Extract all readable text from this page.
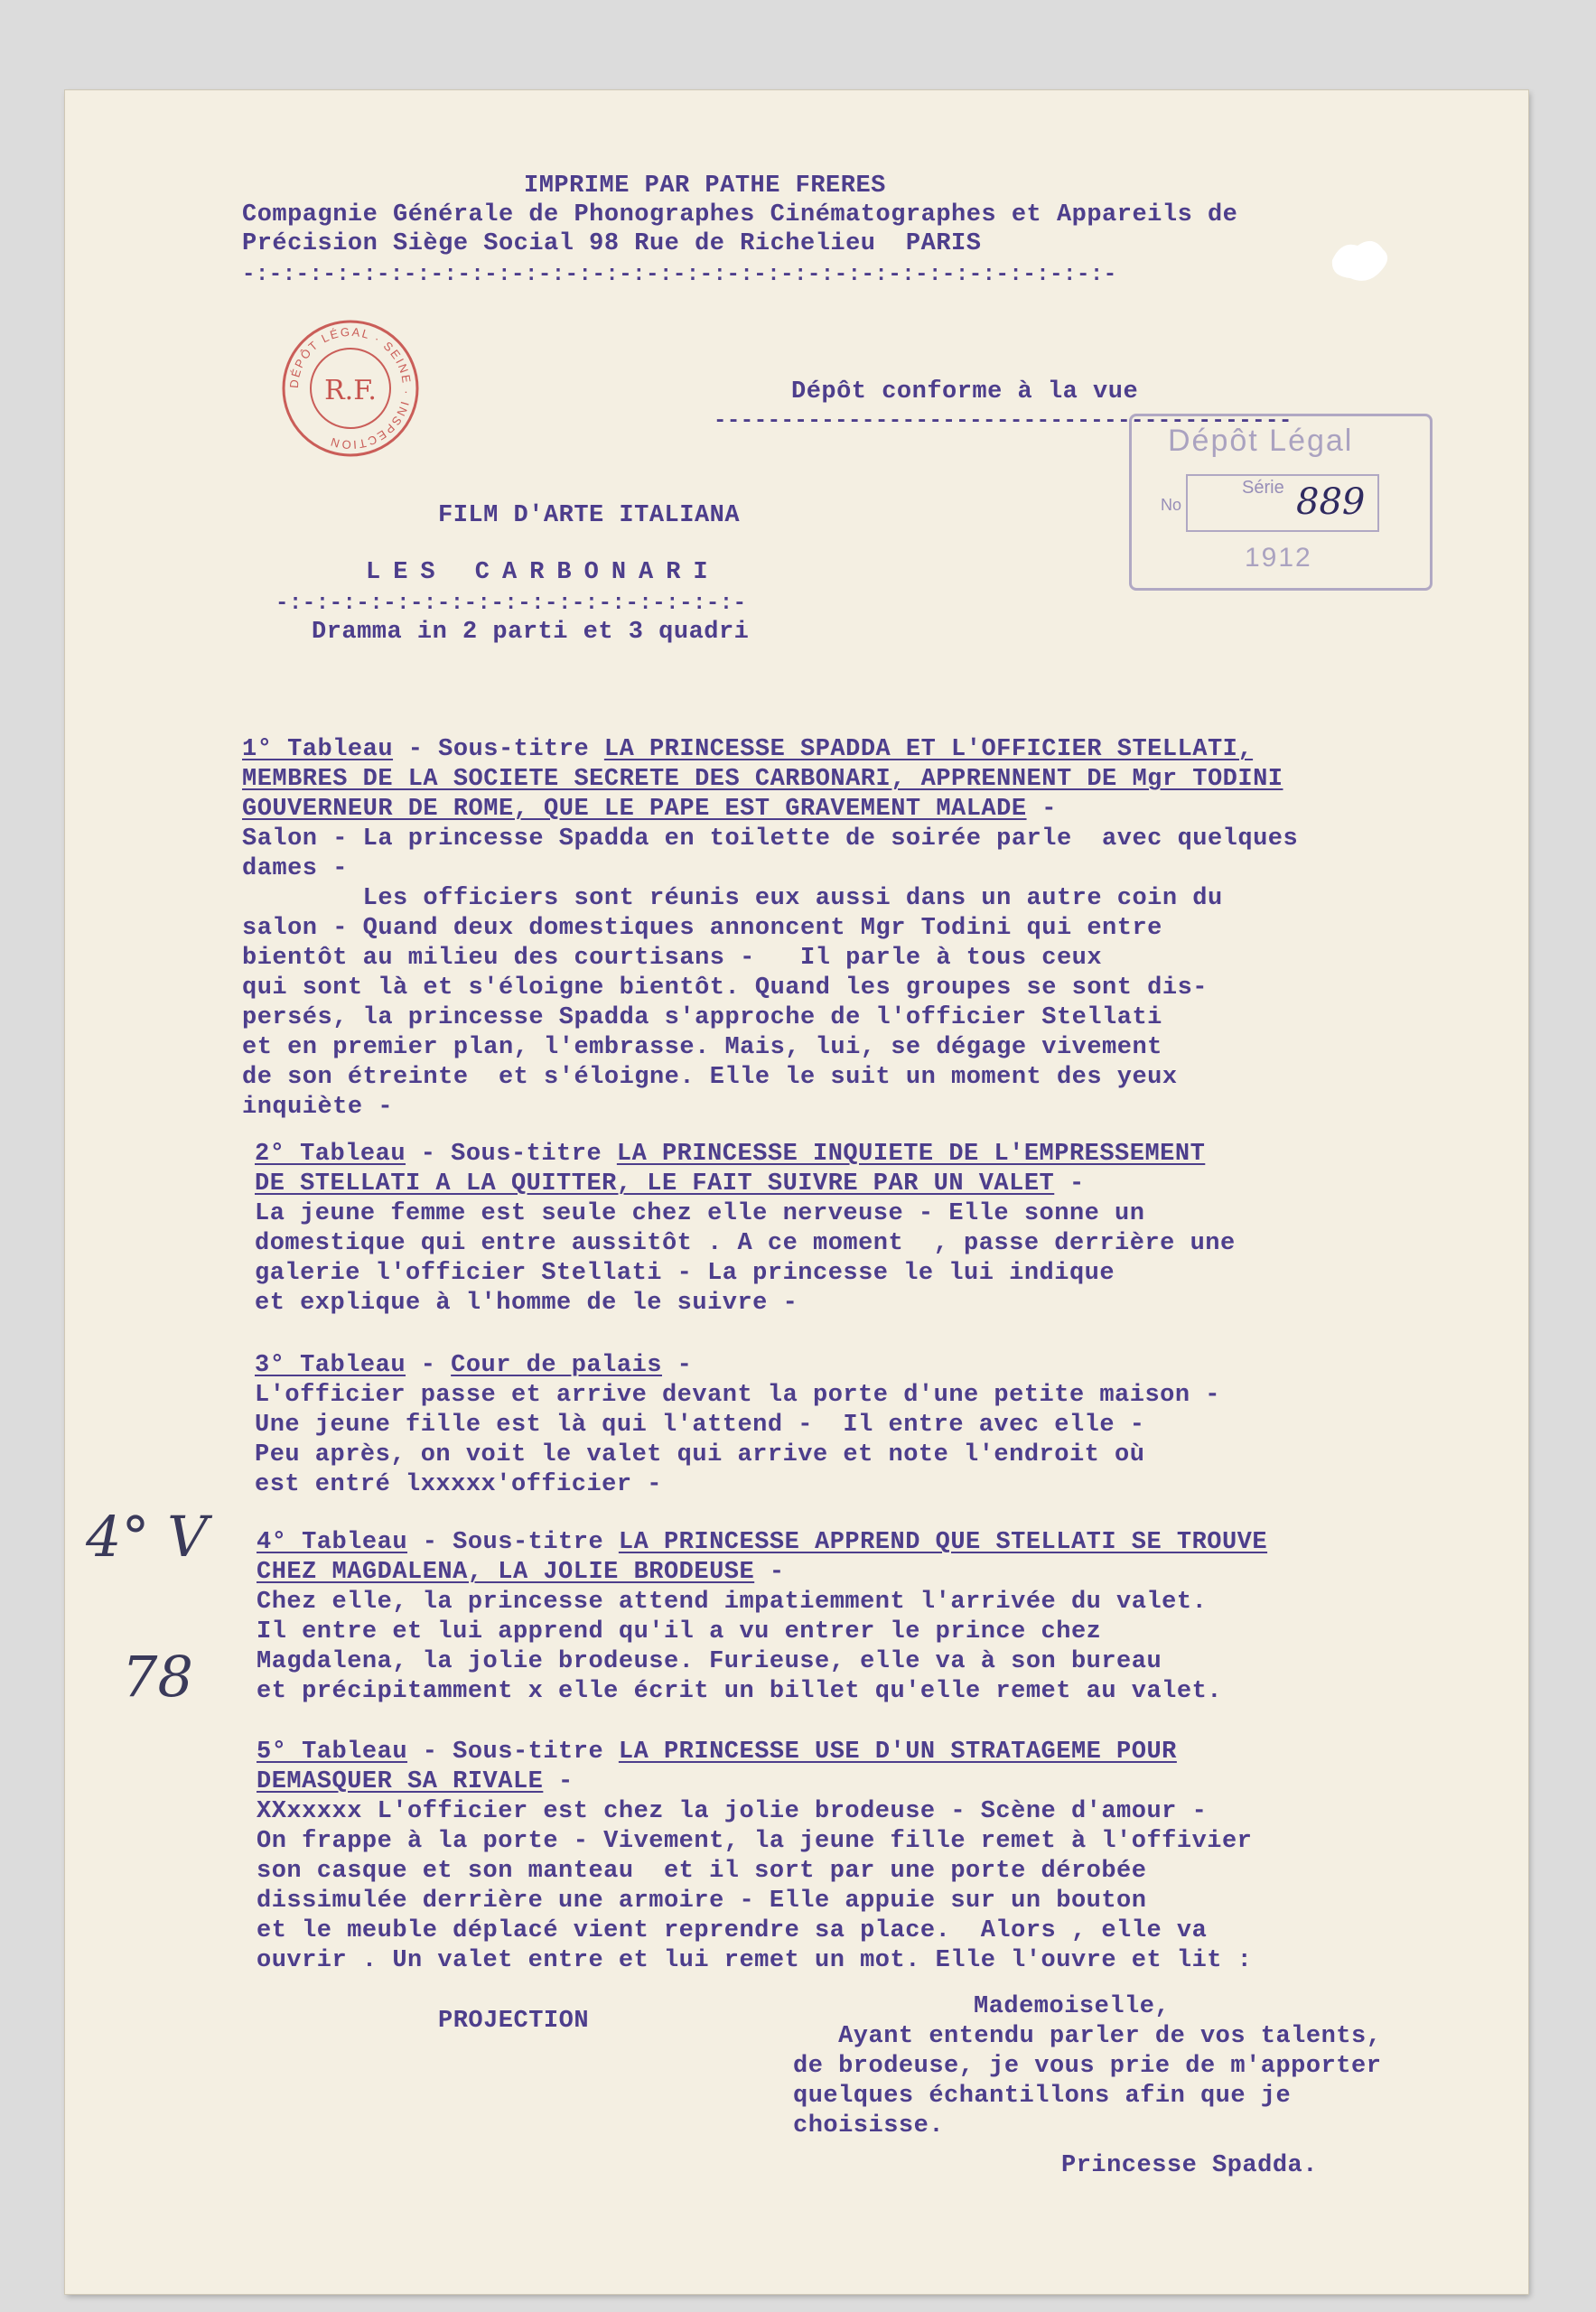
IMPRIME PAR PATHE FRERES

Compagnie Générale de Phonographes Cinématographes et Appareils de

Précision Siège Social 98 Rue de Richelieu  PARIS

-:-:-:-:-:-:-:-:-:-:-:-:-:-:-:-:-:-:-:-:-:-:-:-:-:-:-:-:-:-:-:-:-

DÉPÔT LÉGAL · SEINE · INSPECTION
R.F.	Dépôt conforme à la vue

-------------------------------------------

Dépôt Légal
Série
No	889
1912

FILM D'ARTE ITALIANA

LES CARBONARI

-:-:-:-:-:-:-:-:-:-:-:-:-:-:-:-:-:-

Dramma in 2 parti et 3 quadri

1° Tableau - Sous-titre LA PRINCESSE SPADDA ET L'OFFICIER STELLATI,

MEMBRES DE LA SOCIETE SECRETE DES CARBONARI, APPRENNENT DE Mgr TODINI

GOUVERNEUR DE ROME, QUE LE PAPE EST GRAVEMENT MALADE -

Salon - La princesse Spadda en toilette de soirée parle  avec quelques

dames -

Les officiers sont réunis eux aussi dans un autre coin du

salon - Quand deux domestiques annoncent Mgr Todini qui entre

bientôt au milieu des courtisans -   Il parle à tous ceux

qui sont là et s'éloigne bientôt. Quand les groupes se sont dis-

persés, la princesse Spadda s'approche de l'officier Stellati

et en premier plan, l'embrasse. Mais, lui, se dégage vivement

de son étreinte  et s'éloigne. Elle le suit un moment des yeux

inquiète -

2° Tableau - Sous-titre LA PRINCESSE INQUIETE DE L'EMPRESSEMENT

DE STELLATI A LA QUITTER, LE FAIT SUIVRE PAR UN VALET -

La jeune femme est seule chez elle nerveuse - Elle sonne un

domestique qui entre aussitôt . A ce moment  , passe derrière une

galerie l'officier Stellati - La princesse le lui indique

et explique à l'homme de le suivre -

3° Tableau - Cour de palais -

L'officier passe et arrive devant la porte d'une petite maison -

Une jeune fille est là qui l'attend -  Il entre avec elle -

Peu après, on voit le valet qui arrive et note l'endroit où

est entré lxxxxx'officier -

4° Tableau - Sous-titre LA PRINCESSE APPREND QUE STELLATI SE TROUVE

CHEZ MAGDALENA, LA JOLIE BRODEUSE -

Chez elle, la princesse attend impatiemment l'arrivée du valet.

Il entre et lui apprend qu'il a vu entrer le prince chez

Magdalena, la jolie brodeuse. Furieuse, elle va à son bureau

et précipitamment x elle écrit un billet qu'elle remet au valet.

5° Tableau - Sous-titre LA PRINCESSE USE D'UN STRATAGEME POUR

DEMASQUER SA RIVALE -

XXxxxxx L'officier est chez la jolie brodeuse - Scène d'amour -

On frappe à la porte - Vivement, la jeune fille remet à l'offivier

son casque et son manteau  et il sort par une porte dérobée

dissimulée derrière une armoire - Elle appuie sur un bouton

et le meuble déplacé vient reprendre sa place.  Alors , elle va

ouvrir . Un valet entre et lui remet un mot. Elle l'ouvre et lit :

PROJECTION

Mademoiselle,

Ayant entendu parler de vos talents,

de brodeuse, je vous prie de m'apporter

quelques échantillons afin que je

choisisse.

Princesse Spadda.

4° V
78
